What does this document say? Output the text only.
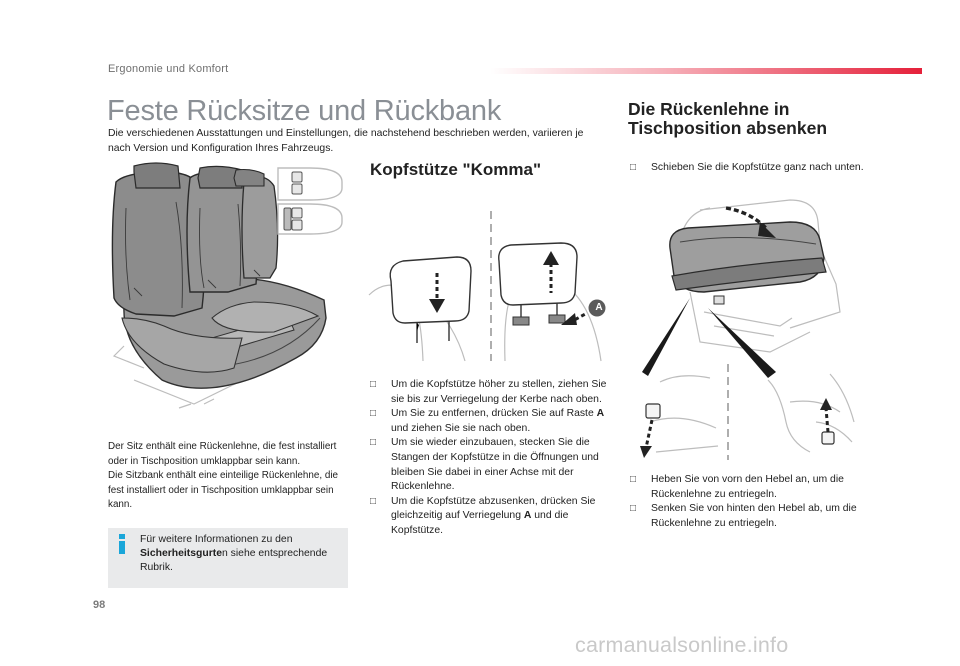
Ergonomie und Komfort
Feste Rücksitze und Rückbank

Die verschiedenen Ausstattungen und Einstellungen, die nachstehend beschrieben werden, variieren je nach Version und Konfiguration Ihres Fahrzeugs.

Kopfstütze "Komma"
Die Rückenlehne in
Tischposition absenken
□ Schieben Sie die Kopfstütze ganz nach unten.
A
□ Um die Kopfstütze höher zu stellen, ziehen Sie sie bis zur Verriegelung der Kerbe nach oben.
□ Um Sie zu entfernen, drücken Sie auf Raste A und ziehen Sie sie nach oben.
□ Um sie wieder einzubauen, stecken Sie die Stangen der Kopfstütze in die Öffnungen und bleiben Sie dabei in einer Achse mit der Rückenlehne.
□ Um die Kopfstütze abzusenken, drücken Sie gleichzeitig auf Verriegelung A und die Kopfstütze.
□ Heben Sie von vorn den Hebel an, um die Rückenlehne zu entriegeln.
□ Senken Sie von hinten den Hebel ab, um die Rückenlehne zu entriegeln.

Der Sitz enthält eine Rückenlehne, die fest installiert oder in Tischposition umklappbar sein kann.

Die Sitzbank enthält eine einteilige Rückenlehne, die fest installiert oder in Tischposition umklappbar sein kann.

Für weitere Informationen zu den Sicherheitsgurten siehe entsprechende Rubrik.

98
carmanualsonline.info
